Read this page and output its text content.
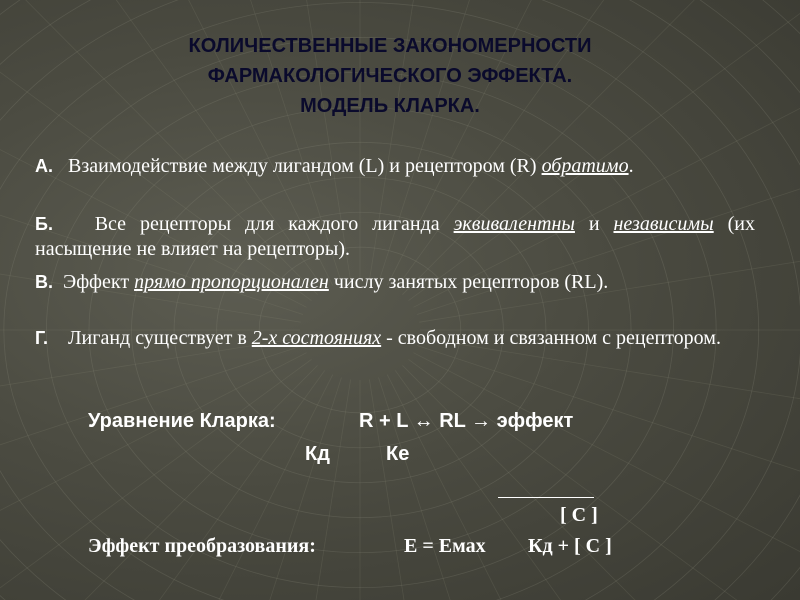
КОЛИЧЕСТВЕННЫЕ ЗАКОНОМЕРНОСТИ
ФАРМАКОЛОГИЧЕСКОГО ЭФФЕКТА.
МОДЕЛЬ КЛАРКА.
А. Взаимодействие между лигандом (L) и рецептором (R) обратимо.
Б. Все рецепторы для каждого лиганда эквивалентны и независимы (их насыщение не влияет на рецепторы).
В. Эффект прямо пропорционален числу занятых рецепторов (RL).
Г. Лиганд существует в 2-х состояниях - свободном и связанном с рецептором.
Уравнение Кларка:	R + L ↔ RL → эффект
Кд	Ке
[ C ]
Эффект преобразования:	E = Eмах Кд + [ C ]
